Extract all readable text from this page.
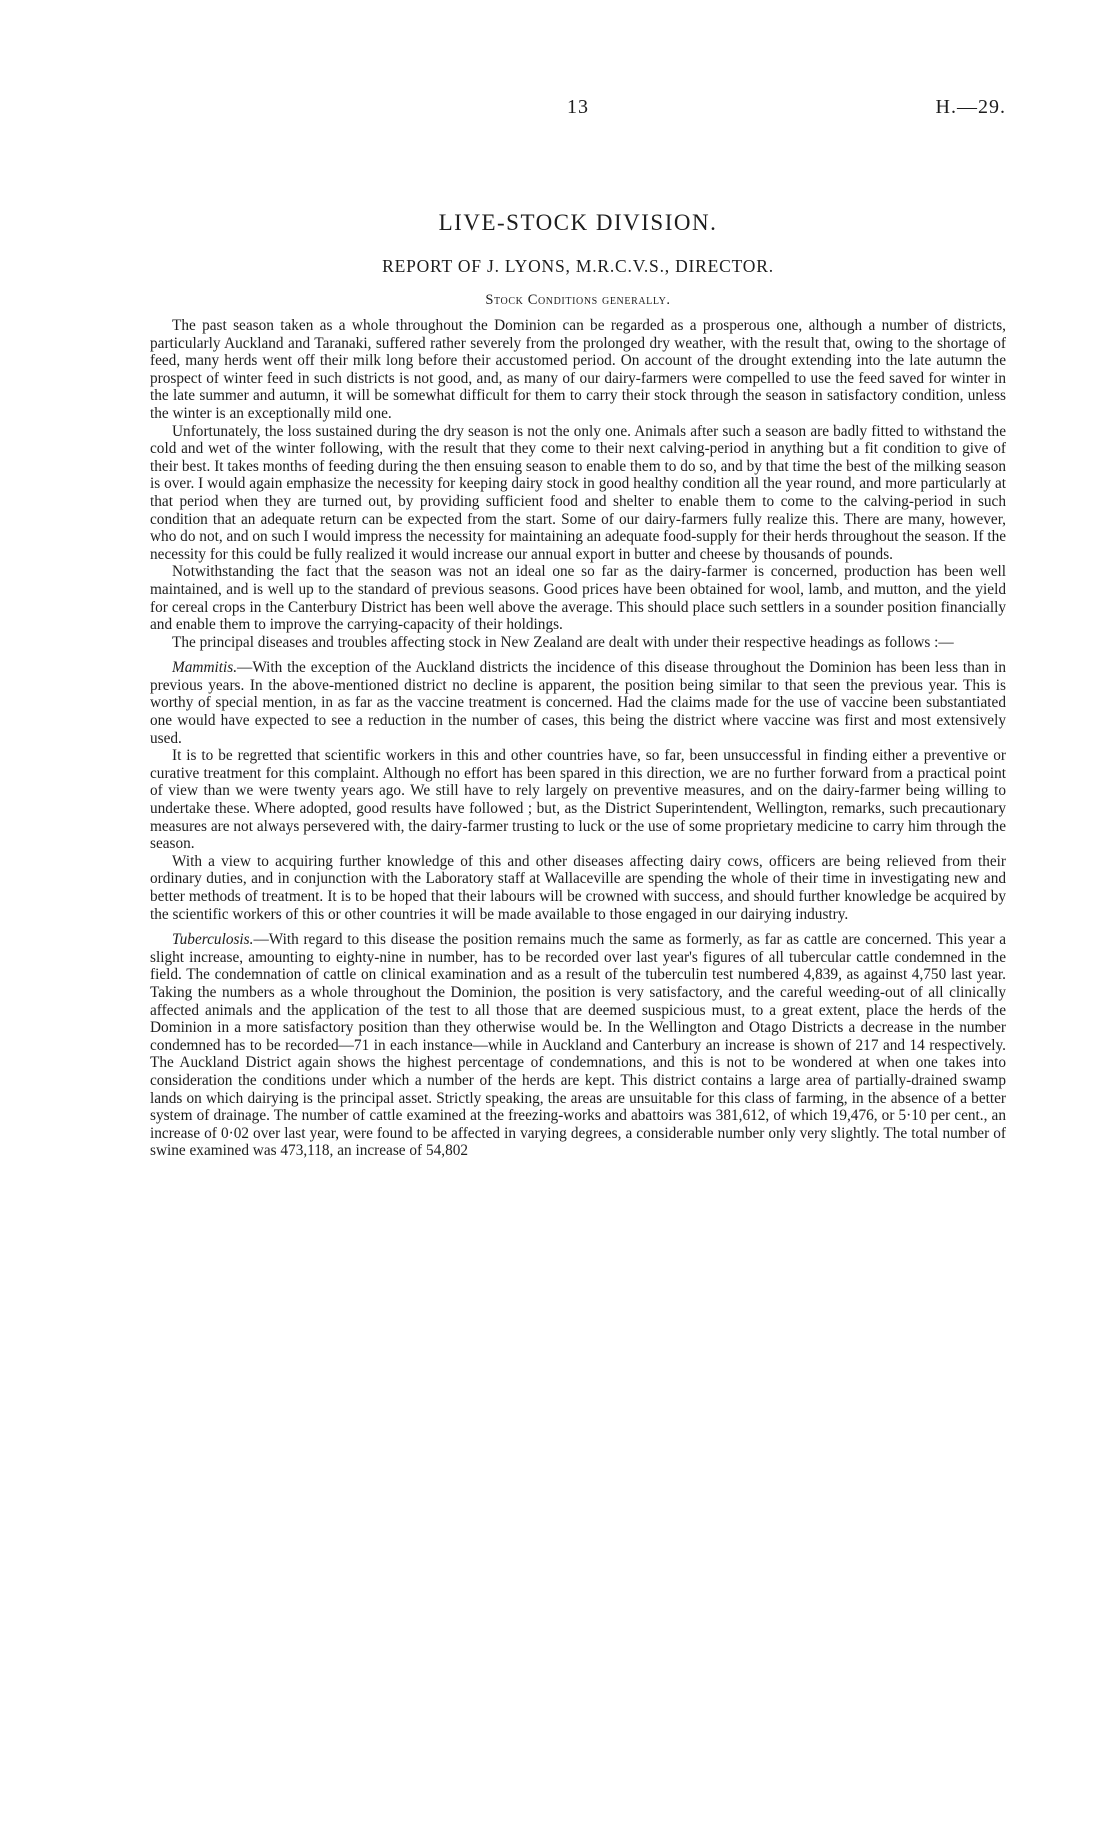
13	H.—29.
LIVE-STOCK DIVISION.
REPORT OF J. LYONS, M.R.C.V.S., DIRECTOR.
Stock Conditions generally.

The past season taken as a whole throughout the Dominion can be regarded as a prosperous one, although a number of districts, particularly Auckland and Taranaki, suffered rather severely from the prolonged dry weather, with the result that, owing to the shortage of feed, many herds went off their milk long before their accustomed period. On account of the drought extending into the late autumn the prospect of winter feed in such districts is not good, and, as many of our dairy-farmers were compelled to use the feed saved for winter in the late summer and autumn, it will be somewhat difficult for them to carry their stock through the season in satisfactory condition, unless the winter is an exceptionally mild one.

Unfortunately, the loss sustained during the dry season is not the only one. Animals after such a season are badly fitted to withstand the cold and wet of the winter following, with the result that they come to their next calving-period in anything but a fit condition to give of their best. It takes months of feeding during the then ensuing season to enable them to do so, and by that time the best of the milking season is over. I would again emphasize the necessity for keeping dairy stock in good healthy condition all the year round, and more particularly at that period when they are turned out, by providing sufficient food and shelter to enable them to come to the calving-period in such condition that an adequate return can be expected from the start. Some of our dairy-farmers fully realize this. There are many, however, who do not, and on such I would impress the necessity for maintaining an adequate food-supply for their herds throughout the season. If the necessity for this could be fully realized it would increase our annual export in butter and cheese by thousands of pounds.

Notwithstanding the fact that the season was not an ideal one so far as the dairy-farmer is concerned, production has been well maintained, and is well up to the standard of previous seasons. Good prices have been obtained for wool, lamb, and mutton, and the yield for cereal crops in the Canterbury District has been well above the average. This should place such settlers in a sounder position financially and enable them to improve the carrying-capacity of their holdings.

The principal diseases and troubles affecting stock in New Zealand are dealt with under their respective headings as follows :—

Mammitis.—With the exception of the Auckland districts the incidence of this disease throughout the Dominion has been less than in previous years. In the above-mentioned district no decline is apparent, the position being similar to that seen the previous year. This is worthy of special mention, in as far as the vaccine treatment is concerned. Had the claims made for the use of vaccine been substantiated one would have expected to see a reduction in the number of cases, this being the district where vaccine was first and most extensively used.

It is to be regretted that scientific workers in this and other countries have, so far, been unsuccessful in finding either a preventive or curative treatment for this complaint. Although no effort has been spared in this direction, we are no further forward from a practical point of view than we were twenty years ago. We still have to rely largely on preventive measures, and on the dairy-farmer being willing to undertake these. Where adopted, good results have followed ; but, as the District Superintendent, Wellington, remarks, such precautionary measures are not always persevered with, the dairy-farmer trusting to luck or the use of some proprietary medicine to carry him through the season.

With a view to acquiring further knowledge of this and other diseases affecting dairy cows, officers are being relieved from their ordinary duties, and in conjunction with the Laboratory staff at Wallaceville are spending the whole of their time in investigating new and better methods of treatment. It is to be hoped that their labours will be crowned with success, and should further knowledge be acquired by the scientific workers of this or other countries it will be made available to those engaged in our dairying industry.

Tuberculosis.—With regard to this disease the position remains much the same as formerly, as far as cattle are concerned. This year a slight increase, amounting to eighty-nine in number, has to be recorded over last year's figures of all tubercular cattle condemned in the field. The condemnation of cattle on clinical examination and as a result of the tuberculin test numbered 4,839, as against 4,750 last year. Taking the numbers as a whole throughout the Dominion, the position is very satisfactory, and the careful weeding-out of all clinically affected animals and the application of the test to all those that are deemed suspicious must, to a great extent, place the herds of the Dominion in a more satisfactory position than they otherwise would be. In the Wellington and Otago Districts a decrease in the number condemned has to be recorded—71 in each instance—while in Auckland and Canterbury an increase is shown of 217 and 14 respectively. The Auckland District again shows the highest percentage of condemnations, and this is not to be wondered at when one takes into consideration the conditions under which a number of the herds are kept. This district contains a large area of partially-drained swamp lands on which dairying is the principal asset. Strictly speaking, the areas are unsuitable for this class of farming, in the absence of a better system of drainage. The number of cattle examined at the freezing-works and abattoirs was 381,612, of which 19,476, or 5·10 per cent., an increase of 0·02 over last year, were found to be affected in varying degrees, a considerable number only very slightly. The total number of swine examined was 473,118, an increase of 54,802
